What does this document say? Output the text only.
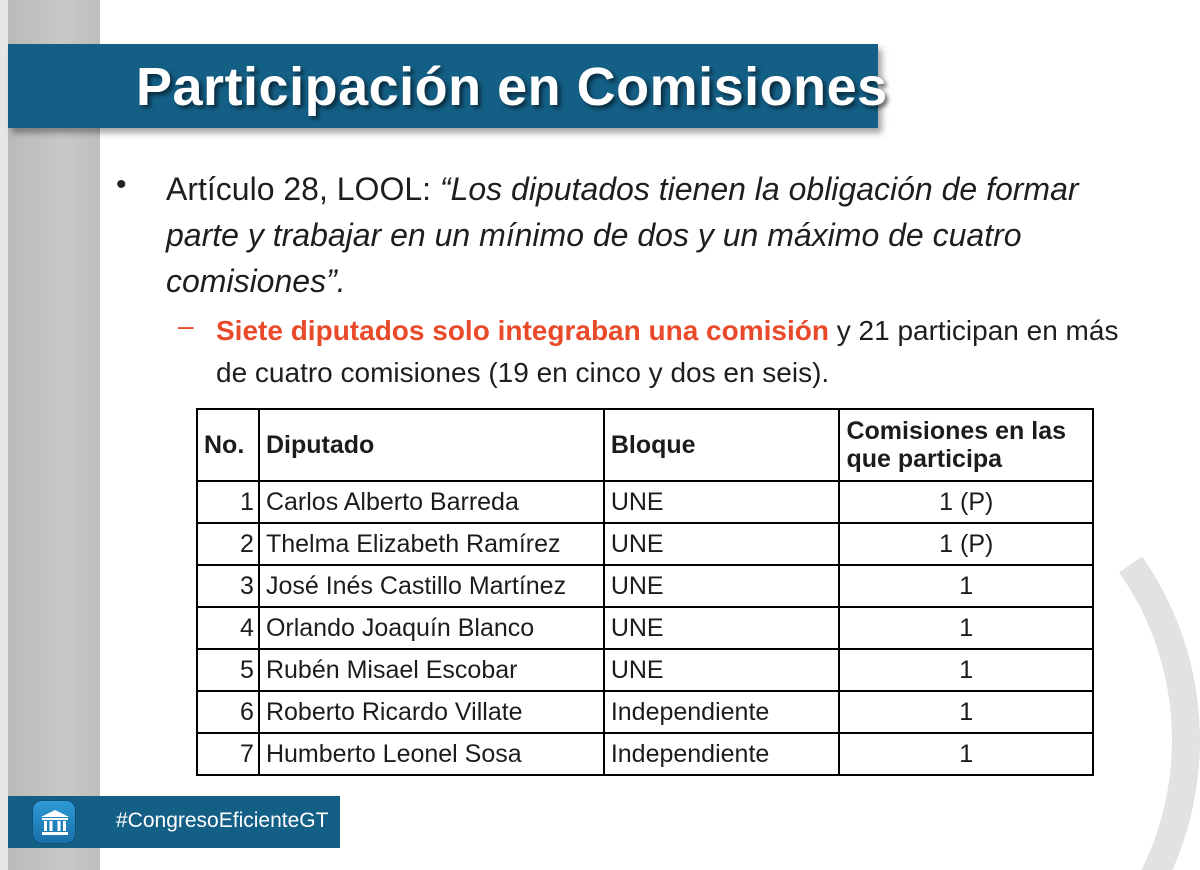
Participación en Comisiones
• Artículo 28, LOOL: “Los diputados tienen la obligación de formar parte y trabajar en un mínimo de dos y un máximo de cuatro comisiones”.
– Siete diputados solo integraban una comisión y 21 participan en más de cuatro comisiones (19 en cinco y dos en seis).
No.	Diputado	Bloque	Comisiones en las que participa
1	Carlos Alberto Barreda	UNE	1 (P)
2	Thelma Elizabeth Ramírez	UNE	1 (P)
3	José Inés Castillo Martínez	UNE	1
4	Orlando Joaquín Blanco	UNE	1
5	Rubén Misael Escobar	UNE	1
6	Roberto Ricardo Villate	Independiente	1
7	Humberto Leonel Sosa	Independiente	1
#CongresoEficienteGT
